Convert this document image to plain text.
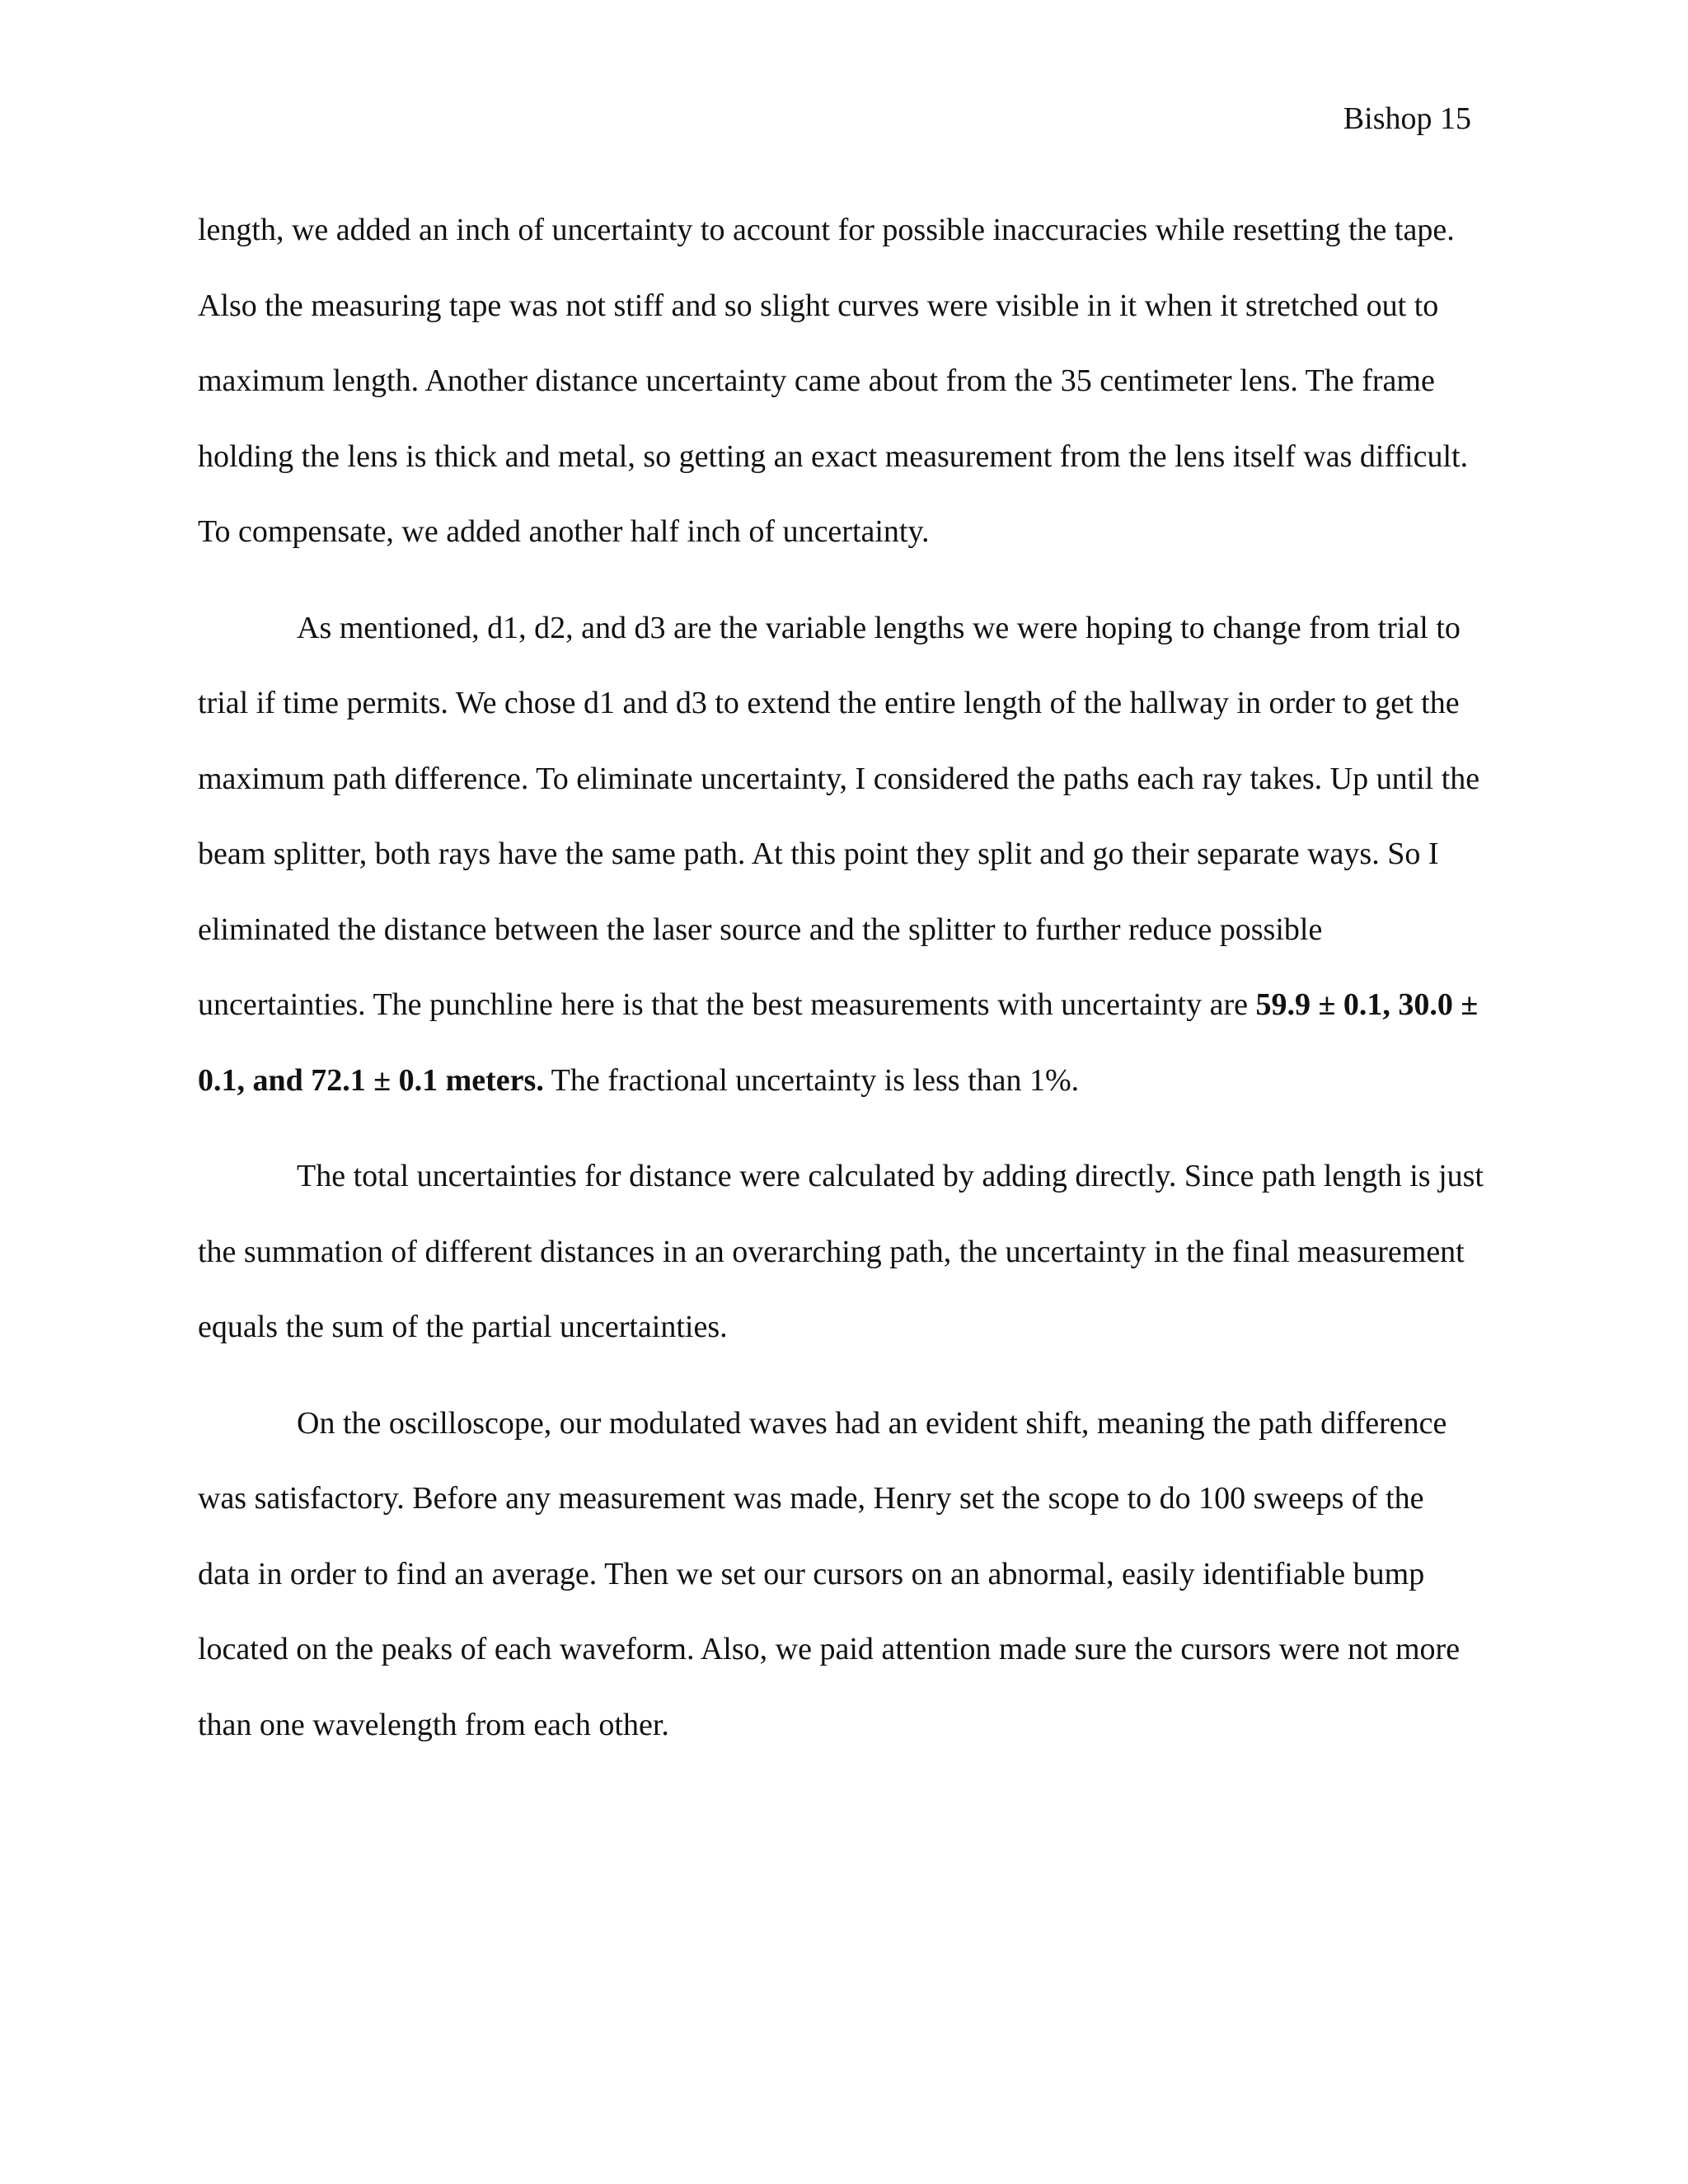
Bishop 15

length, we added an inch of uncertainty to account for possible inaccuracies while resetting the tape. Also the measuring tape was not stiff and so slight curves were visible in it when it stretched out to maximum length. Another distance uncertainty came about from the 35 centimeter lens. The frame holding the lens is thick and metal, so getting an exact measurement from the lens itself was difficult. To compensate, we added another half inch of uncertainty.

As mentioned, d1, d2, and d3 are the variable lengths we were hoping to change from trial to trial if time permits. We chose d1 and d3 to extend the entire length of the hallway in order to get the maximum path difference. To eliminate uncertainty, I considered the paths each ray takes. Up until the beam splitter, both rays have the same path. At this point they split and go their separate ways. So I eliminated the distance between the laser source and the splitter to further reduce possible uncertainties. The punchline here is that the best measurements with uncertainty are 59.9 ± 0.1, 30.0 ± 0.1, and 72.1 ± 0.1 meters. The fractional uncertainty is less than 1%.

The total uncertainties for distance were calculated by adding directly. Since path length is just the summation of different distances in an overarching path, the uncertainty in the final measurement equals the sum of the partial uncertainties.

On the oscilloscope, our modulated waves had an evident shift, meaning the path difference was satisfactory. Before any measurement was made, Henry set the scope to do 100 sweeps of the data in order to find an average. Then we set our cursors on an abnormal, easily identifiable bump located on the peaks of each waveform. Also, we paid attention made sure the cursors were not more than one wavelength from each other.
